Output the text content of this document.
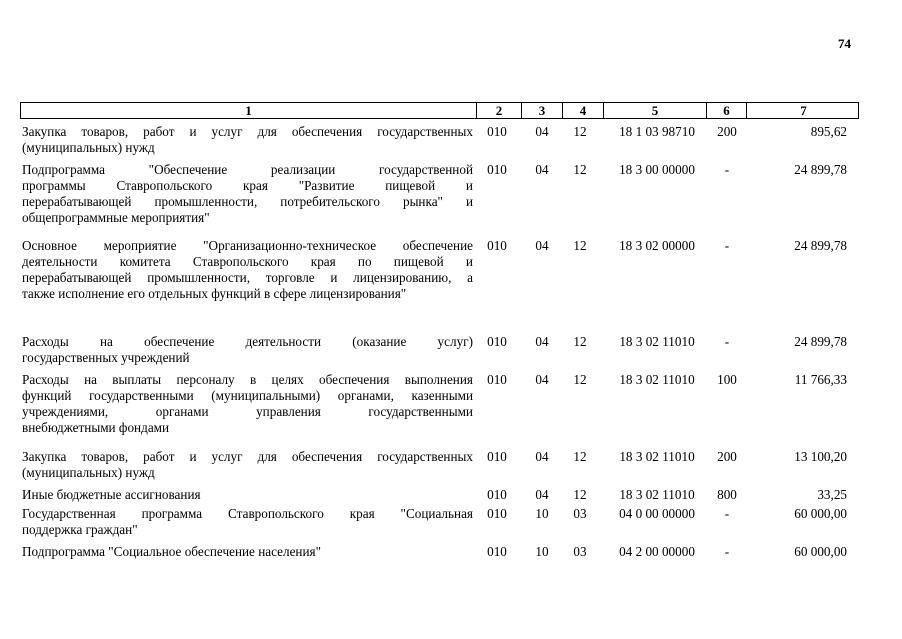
74
1	2	3	4	5	6	7
Закупка товаров, работ и услуг для обеспечения государственных
(муниципальных) нужд
010 04 12	18 1 03 98710	200	895,62
Подпрограмма "Обеспечение реализации государственной
программы Ставропольского края "Развитие пищевой и
перерабатывающей промышленности, потребительского рынка" и
общепрограммные мероприятия"
010 04 12	18 3 00 00000	-	24 899,78
Основное мероприятие "Организационно-техническое обеспечение
деятельности комитета Ставропольского края по пищевой и
перерабатывающей промышленности, торговле и лицензированию, а
также исполнение его отдельных функций в сфере лицензирования"
010 04 12	18 3 02 00000	-	24 899,78
Расходы на обеспечение деятельности (оказание услуг)
государственных учреждений
010 04 12	18 3 02 11010	-	24 899,78
Расходы на выплаты персоналу в целях обеспечения выполнения
функций государственными (муниципальными) органами, казенными
учреждениями, органами управления государственными
внебюджетными фондами
010 04 12	18 3 02 11010	100	11 766,33
Закупка товаров, работ и услуг для обеспечения государственных
(муниципальных) нужд
010 04 12	18 3 02 11010	200	13 100,20
Иные бюджетные ассигнования	010 04 12	18 3 02 11010	800	33,25
Государственная программа Ставропольского края "Социальная
поддержка граждан"
010 10 03	04 0 00 00000	-	60 000,00
Подпрограмма "Социальное обеспечение населения"	010 10 03	04 2 00 00000	-	60 000,00
